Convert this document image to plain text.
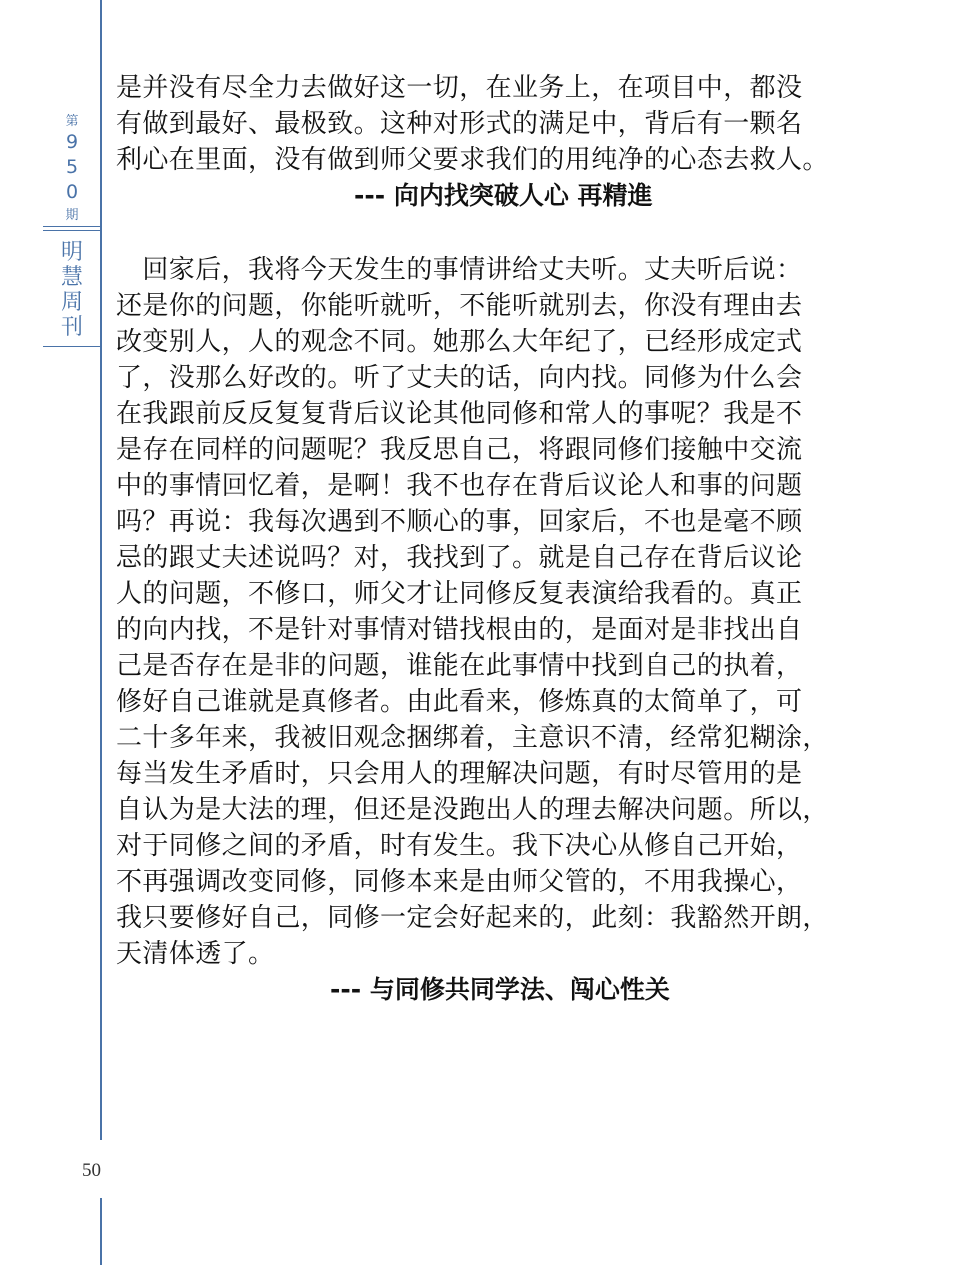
第
9
5
0
期
明
慧
周
刊
是并没有尽全力去做好这一切，在业务上，在项目中，都没
有做到最好、最极致。这种对形式的满足中，背后有一颗名
利心在里面，没有做到师父要求我们的用纯净的心态去救人。
--- 向内找突破人心 再精進
　回家后，我将今天发生的事情讲给丈夫听。丈夫听后说：
还是你的问题，你能听就听，不能听就别去，你没有理由去
改变别人，人的观念不同。她那么大年纪了，已经形成定式
了，没那么好改的。听了丈夫的话，向内找。同修为什么会
在我跟前反反复复背后议论其他同修和常人的事呢？我是不
是存在同样的问题呢？我反思自己，将跟同修们接触中交流
中的事情回忆着，是啊！我不也存在背后议论人和事的问题
吗？再说：我每次遇到不顺心的事，回家后，不也是毫不顾
忌的跟丈夫述说吗？对，我找到了。就是自己存在背后议论
人的问题，不修口，师父才让同修反复表演给我看的。真正
的向内找，不是针对事情对错找根由的，是面对是非找出自
己是否存在是非的问题，谁能在此事情中找到自己的执着，
修好自己谁就是真修者。由此看来，修炼真的太简单了，可
二十多年来，我被旧观念捆绑着，主意识不清，经常犯糊涂，
每当发生矛盾时，只会用人的理解决问题，有时尽管用的是
自认为是大法的理，但还是没跑出人的理去解决问题。所以，
对于同修之间的矛盾，时有发生。我下决心从修自己开始，
不再强调改变同修，同修本来是由师父管的，不用我操心，
我只要修好自己，同修一定会好起来的，此刻：我豁然开朗，
天清体透了。
--- 与同修共同学法、闯心性关
50
